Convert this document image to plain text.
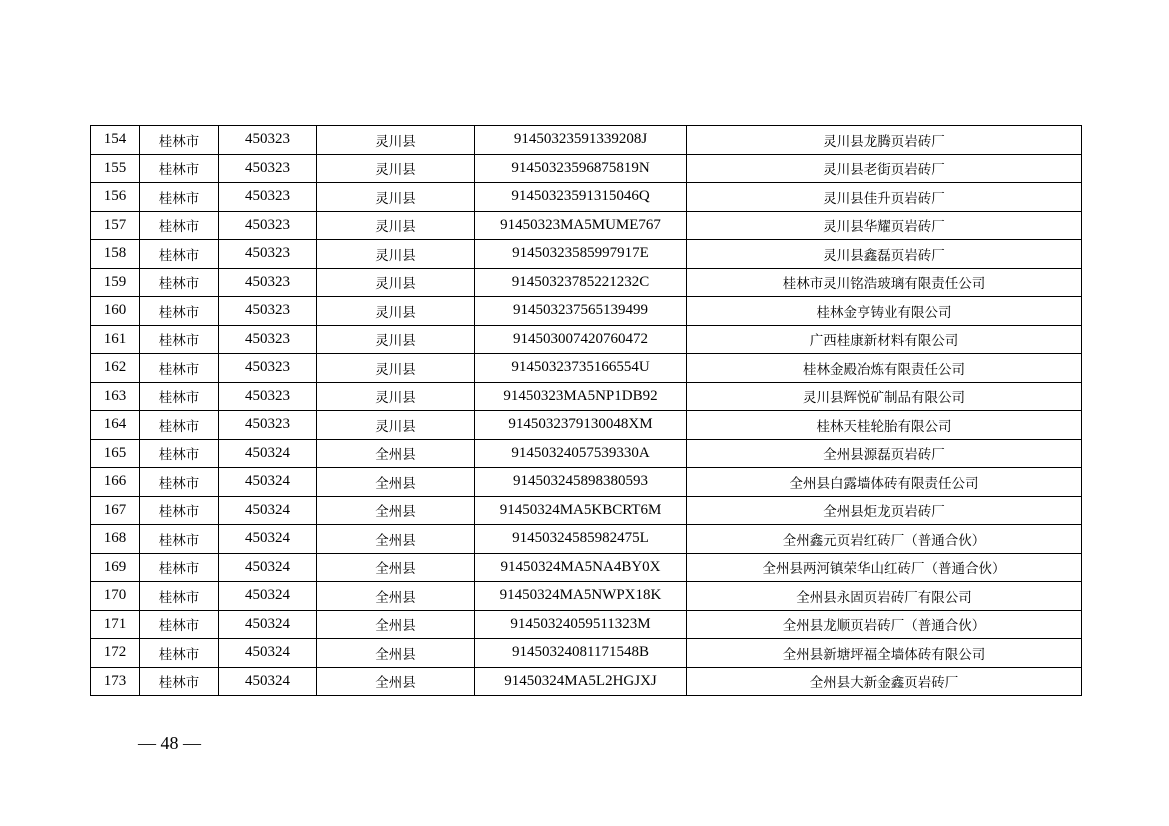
154	桂林市	450323	灵川县	91450323591339208J	灵川县龙腾页岩砖厂
155	桂林市	450323	灵川县	91450323596875819N	灵川县老街页岩砖厂
156	桂林市	450323	灵川县	91450323591315046Q	灵川县佳升页岩砖厂
157	桂林市	450323	灵川县	91450323MA5MUME767	灵川县华耀页岩砖厂
158	桂林市	450323	灵川县	91450323585997917E	灵川县鑫磊页岩砖厂
159	桂林市	450323	灵川县	91450323785221232C	桂林市灵川铭浩玻璃有限责任公司
160	桂林市	450323	灵川县	914503237565139499	桂林金亨铸业有限公司
161	桂林市	450323	灵川县	914503007420760472	广西桂康新材料有限公司
162	桂林市	450323	灵川县	91450323735166554U	桂林金殿冶炼有限责任公司
163	桂林市	450323	灵川县	91450323MA5NP1DB92	灵川县辉悦矿制品有限公司
164	桂林市	450323	灵川县	9145032379130048XM	桂林天桂轮胎有限公司
165	桂林市	450324	全州县	91450324057539330A	全州县源磊页岩砖厂
166	桂林市	450324	全州县	914503245898380593	全州县白露墙体砖有限责任公司
167	桂林市	450324	全州县	91450324MA5KBCRT6M	全州县炬龙页岩砖厂
168	桂林市	450324	全州县	91450324585982475L	全州鑫元页岩红砖厂（普通合伙）
169	桂林市	450324	全州县	91450324MA5NA4BY0X	全州县两河镇荣华山红砖厂（普通合伙）
170	桂林市	450324	全州县	91450324MA5NWPX18K	全州县永固页岩砖厂有限公司
171	桂林市	450324	全州县	91450324059511323M	全州县龙顺页岩砖厂（普通合伙）
172	桂林市	450324	全州县	91450324081171548B	全州县新塘坪福全墙体砖有限公司
173	桂林市	450324	全州县	91450324MA5L2HGJXJ	全州县大新金鑫页岩砖厂
— 48 —
